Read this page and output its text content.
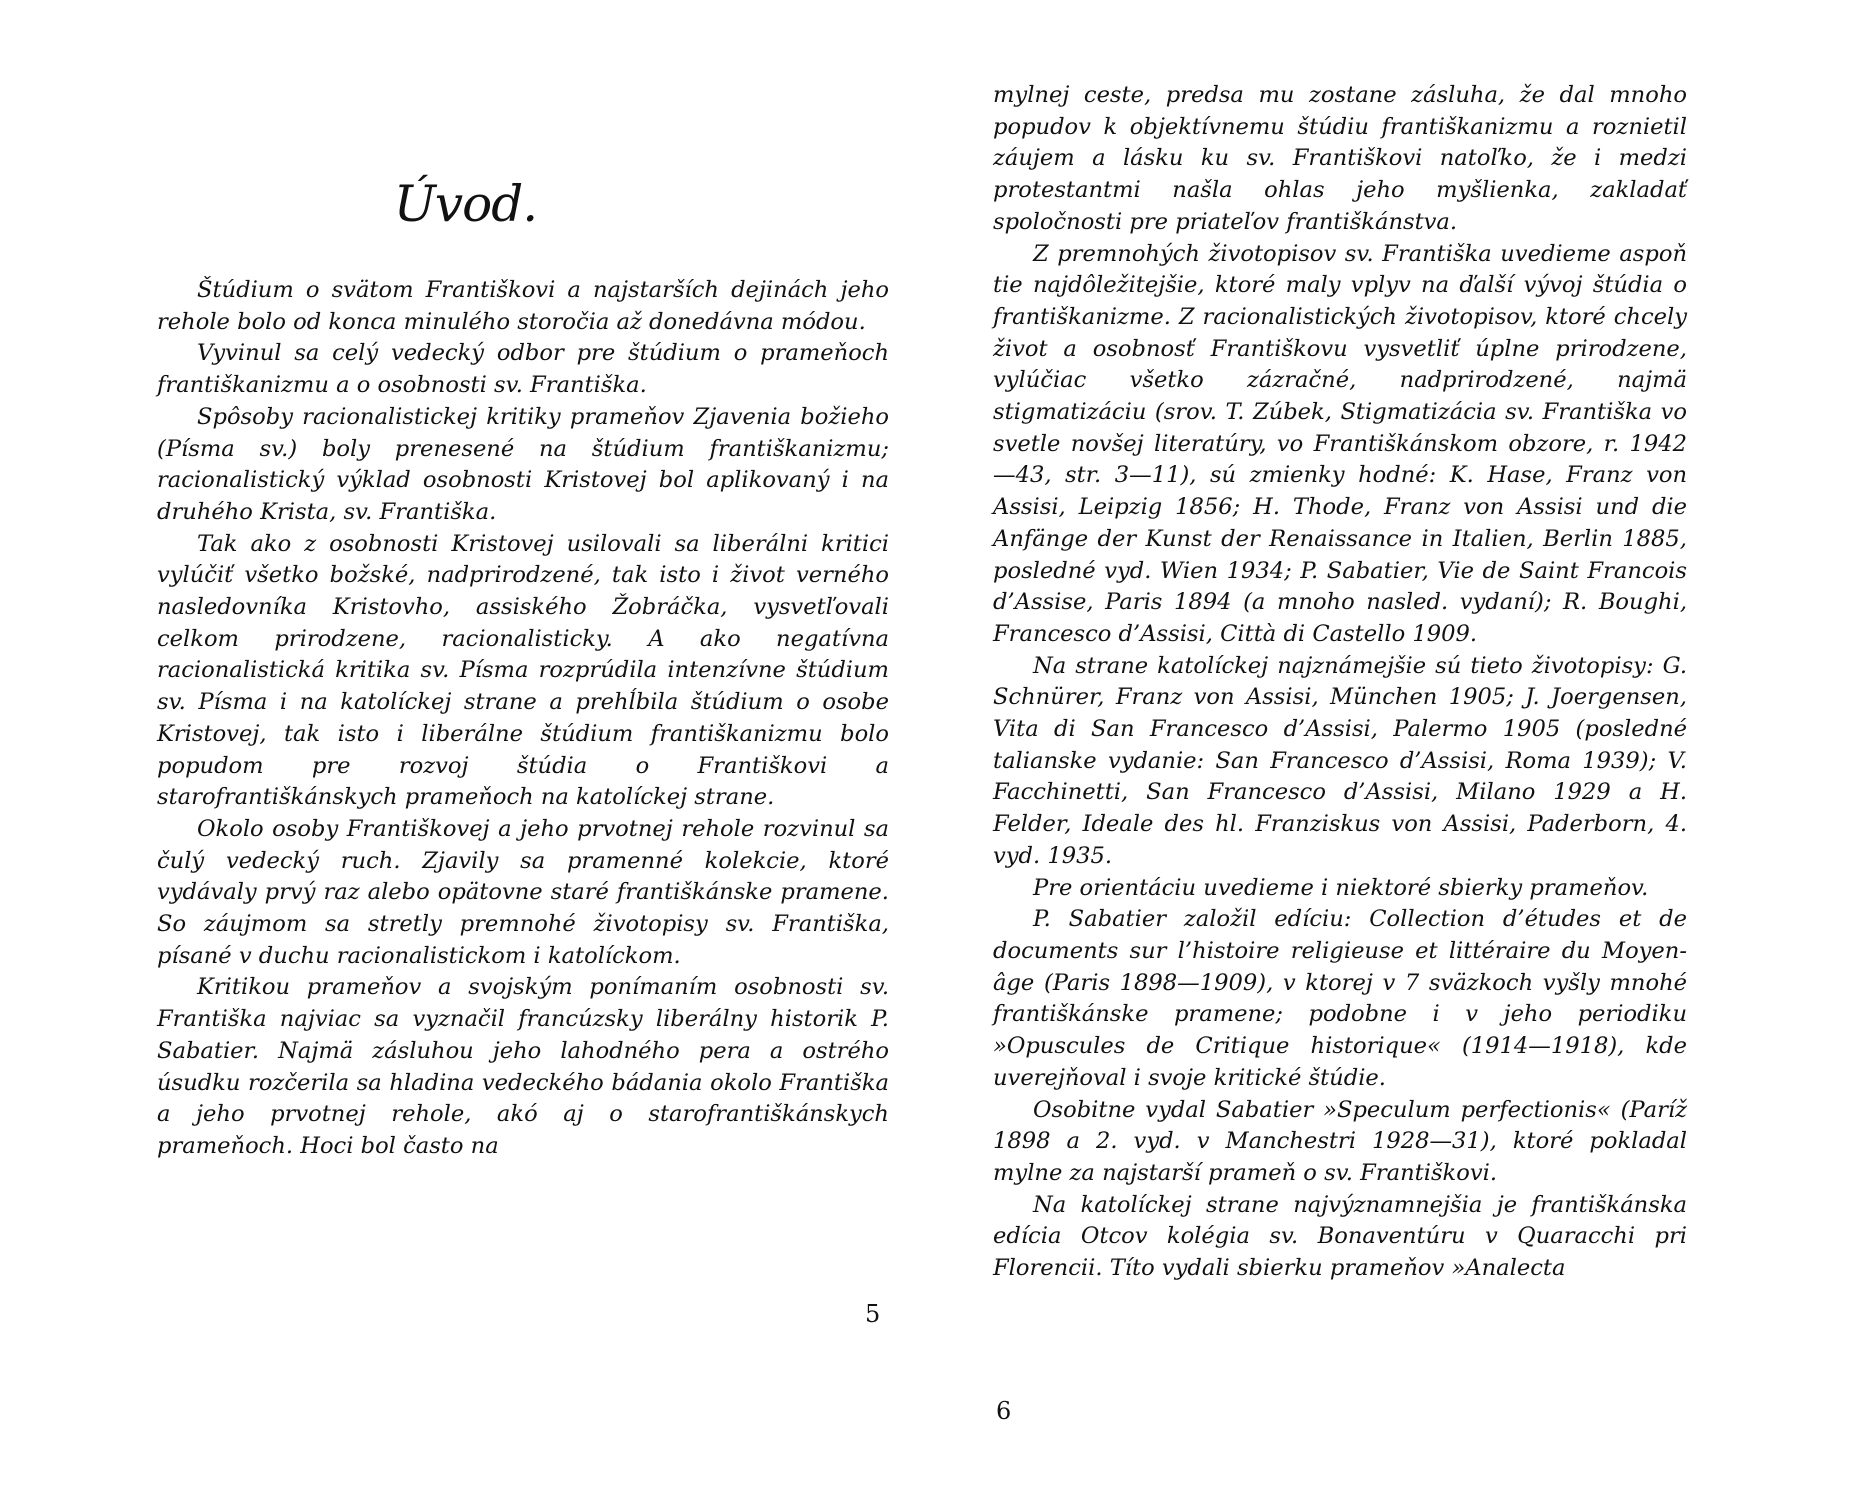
Úvod.

Štúdium o svätom Františkovi a najstarších dejinách jeho rehole bolo od konca minulého storočia až donedávna módou.

Vyvinul sa celý vedecký odbor pre štúdium o prameňoch františkanizmu a o osobnosti sv. Františka.

Spôsoby racionalistickej kritiky prameňov Zjavenia božieho (Písma sv.) boly prenesené na štúdium františkanizmu; racionalistický výklad osobnosti Kristovej bol aplikovaný i na druhého Krista, sv. Františka.

Tak ako z osobnosti Kristovej usilovali sa liberálni kritici vylúčiť všetko božské, nadprirodzené, tak isto i život verného nasledovníka Kristovho, assiského Žobráčka, vysvetľovali celkom prirodzene, racionalisticky. A ako negatívna racionalistická kritika sv. Písma rozprúdila intenzívne štúdium sv. Písma i na katolíckej strane a prehĺbila štúdium o osobe Kristovej, tak isto i liberálne štúdium františkanizmu bolo popudom pre rozvoj štúdia o Františkovi a starofrantiškánskych prameňoch na katolíckej strane.

Okolo osoby Františkovej a jeho prvotnej rehole rozvinul sa čulý vedecký ruch. Zjavily sa pramenné kolekcie, ktoré vydávaly prvý raz alebo opätovne staré františkánske pramene. So záujmom sa stretly premnohé životopisy sv. Františka, písané v duchu racionalistickom i katolíckom.

Kritikou prameňov a svojským ponímaním osobnosti sv. Františka najviac sa vyznačil francúzsky liberálny historik P. Sabatier. Najmä zásluhou jeho lahodného pera a ostrého úsudku rozčerila sa hladina vedeckého bádania okolo Františka a jeho prvotnej rehole, akó aj o starofrantiškánskych prameňoch. Hoci bol často na

5

mylnej ceste, predsa mu zostane zásluha, že dal mnoho popudov k objektívnemu štúdiu františkanizmu a roznietil záujem a lásku ku sv. Františkovi natoľko, že i medzi protestantmi našla ohlas jeho myšlienka, zakladať spoločnosti pre priateľov františkánstva.

Z premnohých životopisov sv. Františka uvedieme aspoň tie najdôležitejšie, ktoré maly vplyv na ďalší vývoj štúdia o františkanizme. Z racionalistických životopisov, ktoré chcely život a osobnosť Františkovu vysvetliť úplne prirodzene, vylúčiac všetko zázračné, nadprirodzené, najmä stigmatizáciu (srov. T. Zúbek, Stigmatizácia sv. Františka vo svetle novšej literatúry, vo Františkánskom obzore, r. 1942—43, str. 3—11), sú zmienky hodné: K. Hase, Franz von Assisi, Leipzig 1856; H. Thode, Franz von Assisi und die Anfänge der Kunst der Renaissance in Italien, Berlin 1885, posledné vyd. Wien 1934; P. Sabatier, Vie de Saint Francois d’Assise, Paris 1894 (a mnoho nasled. vydaní); R. Boughi, Francesco d’Assisi, Città di Castello 1909.

Na strane katolíckej najznámejšie sú tieto životopisy: G. Schnürer, Franz von Assisi, München 1905; J. Joergensen, Vita di San Francesco d’Assisi, Palermo 1905 (posledné talianske vydanie: San Francesco d’Assisi, Roma 1939); V. Facchinetti, San Francesco d’Assisi, Milano 1929 a H. Felder, Ideale des hl. Franziskus von Assisi, Paderborn, 4. vyd. 1935.

Pre orientáciu uvedieme i niektoré sbierky prameňov.

P. Sabatier založil edíciu: Collection d’études et de documents sur l’histoire religieuse et littéraire du Moyen-âge (Paris 1898—1909), v ktorej v 7 sväzkoch vyšly mnohé františkánske pramene; podobne i v jeho periodiku »Opuscules de Critique historique« (1914—1918), kde uverejňoval i svoje kritické štúdie.

Osobitne vydal Sabatier »Speculum perfectionis« (Paríž 1898 a 2. vyd. v Manchestri 1928—31), ktoré pokladal mylne za najstarší prameň o sv. Františkovi.

Na katolíckej strane najvýznamnejšia je františkánska edícia Otcov kolégia sv. Bonaventúru v Quaracchi pri Florencii. Títo vydali sbierku prameňov »Analecta

6
